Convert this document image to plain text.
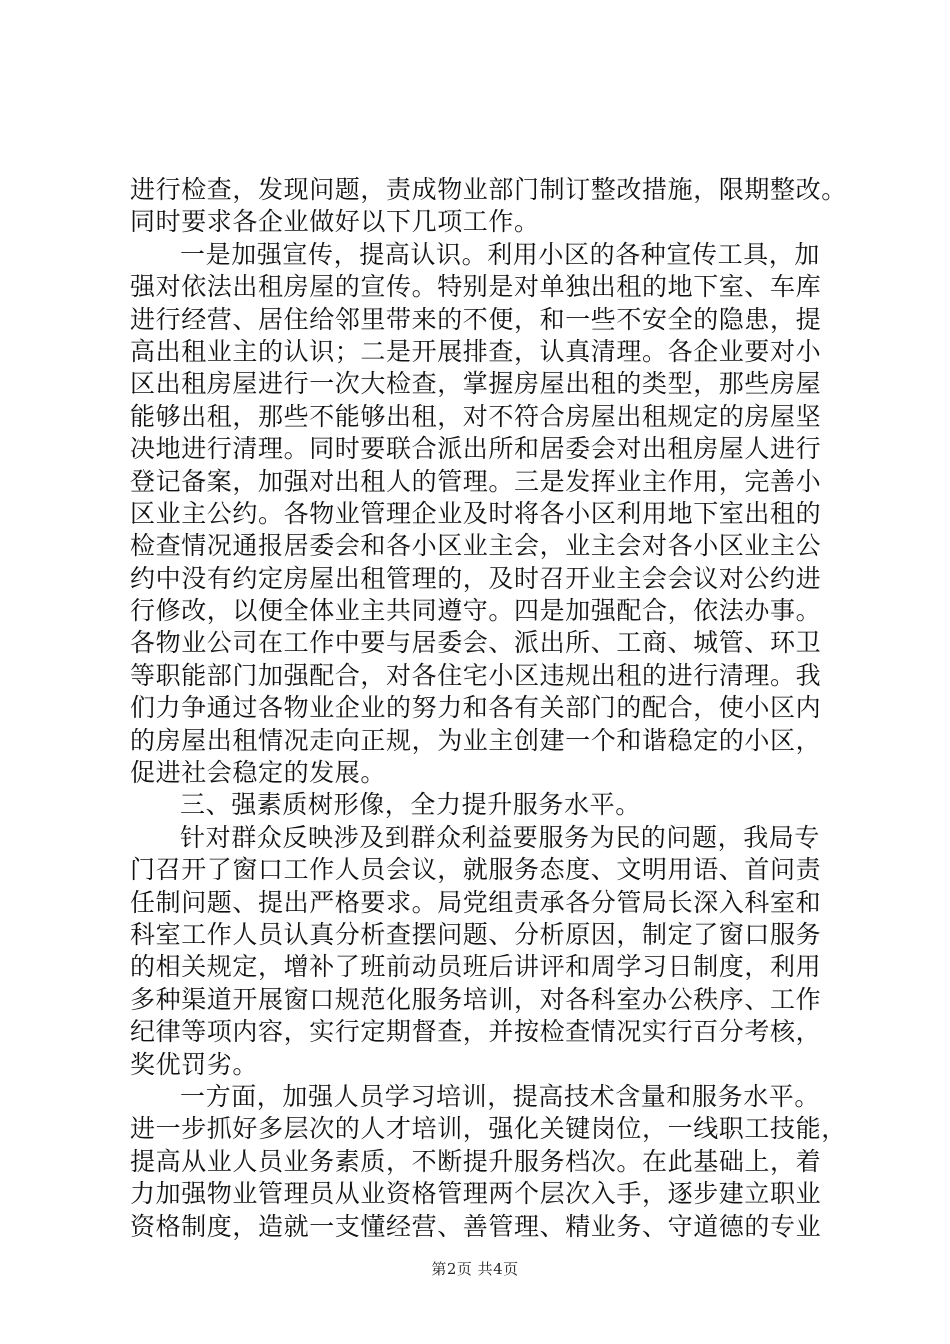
进行检查，发现问题，责成物业部门制订整改措施，限期整改。
同时要求各企业做好以下几项工作。
一是加强宣传，提高认识。利用小区的各种宣传工具，加
强对依法出租房屋的宣传。特别是对单独出租的地下室、车库
进行经营、居住给邻里带来的不便，和一些不安全的隐患，提
高出租业主的认识；二是开展排查，认真清理。各企业要对小
区出租房屋进行一次大检查，掌握房屋出租的类型，那些房屋
能够出租，那些不能够出租，对不符合房屋出租规定的房屋坚
决地进行清理。同时要联合派出所和居委会对出租房屋人进行
登记备案，加强对出租人的管理。三是发挥业主作用，完善小
区业主公约。各物业管理企业及时将各小区利用地下室出租的
检查情况通报居委会和各小区业主会，业主会对各小区业主公
约中没有约定房屋出租管理的，及时召开业主会会议对公约进
行修改，以便全体业主共同遵守。四是加强配合，依法办事。
各物业公司在工作中要与居委会、派出所、工商、城管、环卫
等职能部门加强配合，对各住宅小区违规出租的进行清理。我
们力争通过各物业企业的努力和各有关部门的配合，使小区内
的房屋出租情况走向正规，为业主创建一个和谐稳定的小区，
促进社会稳定的发展。
三、强素质树形像，全力提升服务水平。
针对群众反映涉及到群众利益要服务为民的问题，我局专
门召开了窗口工作人员会议，就服务态度、文明用语、首问责
任制问题、提出严格要求。局党组责承各分管局长深入科室和
科室工作人员认真分析查摆问题、分析原因，制定了窗口服务
的相关规定，增补了班前动员班后讲评和周学习日制度，利用
多种渠道开展窗口规范化服务培训，对各科室办公秩序、工作
纪律等项内容，实行定期督查，并按检查情况实行百分考核，
奖优罚劣。
一方面，加强人员学习培训，提高技术含量和服务水平。
进一步抓好多层次的人才培训，强化关键岗位，一线职工技能，
提高从业人员业务素质，不断提升服务档次。在此基础上，着
力加强物业管理员从业资格管理两个层次入手，逐步建立职业
资格制度，造就一支懂经营、善管理、精业务、守道德的专业
第2页 共4页
